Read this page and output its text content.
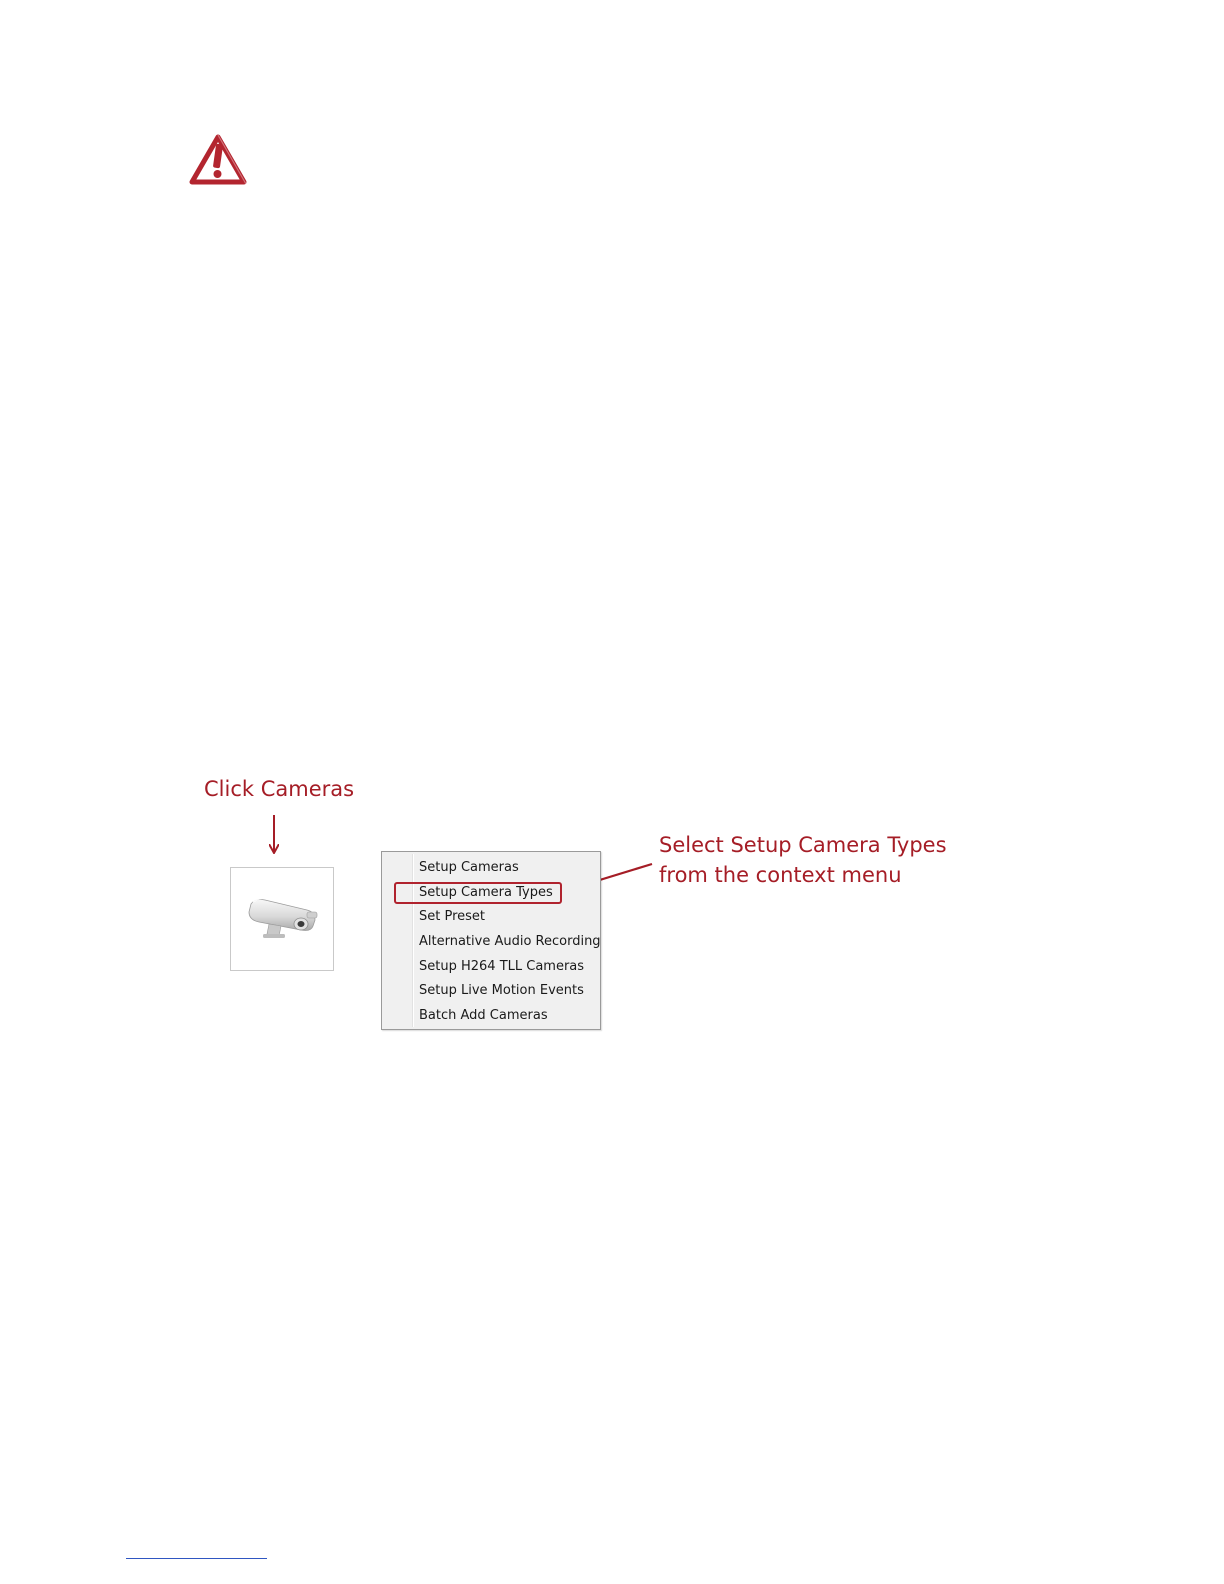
Click Cameras
Select Setup Camera Types
from the context menu
Setup Cameras
Setup Camera Types
Set Preset
Alternative Audio Recording
Setup H264 TLL Cameras
Setup Live Motion Events
Batch Add Cameras
